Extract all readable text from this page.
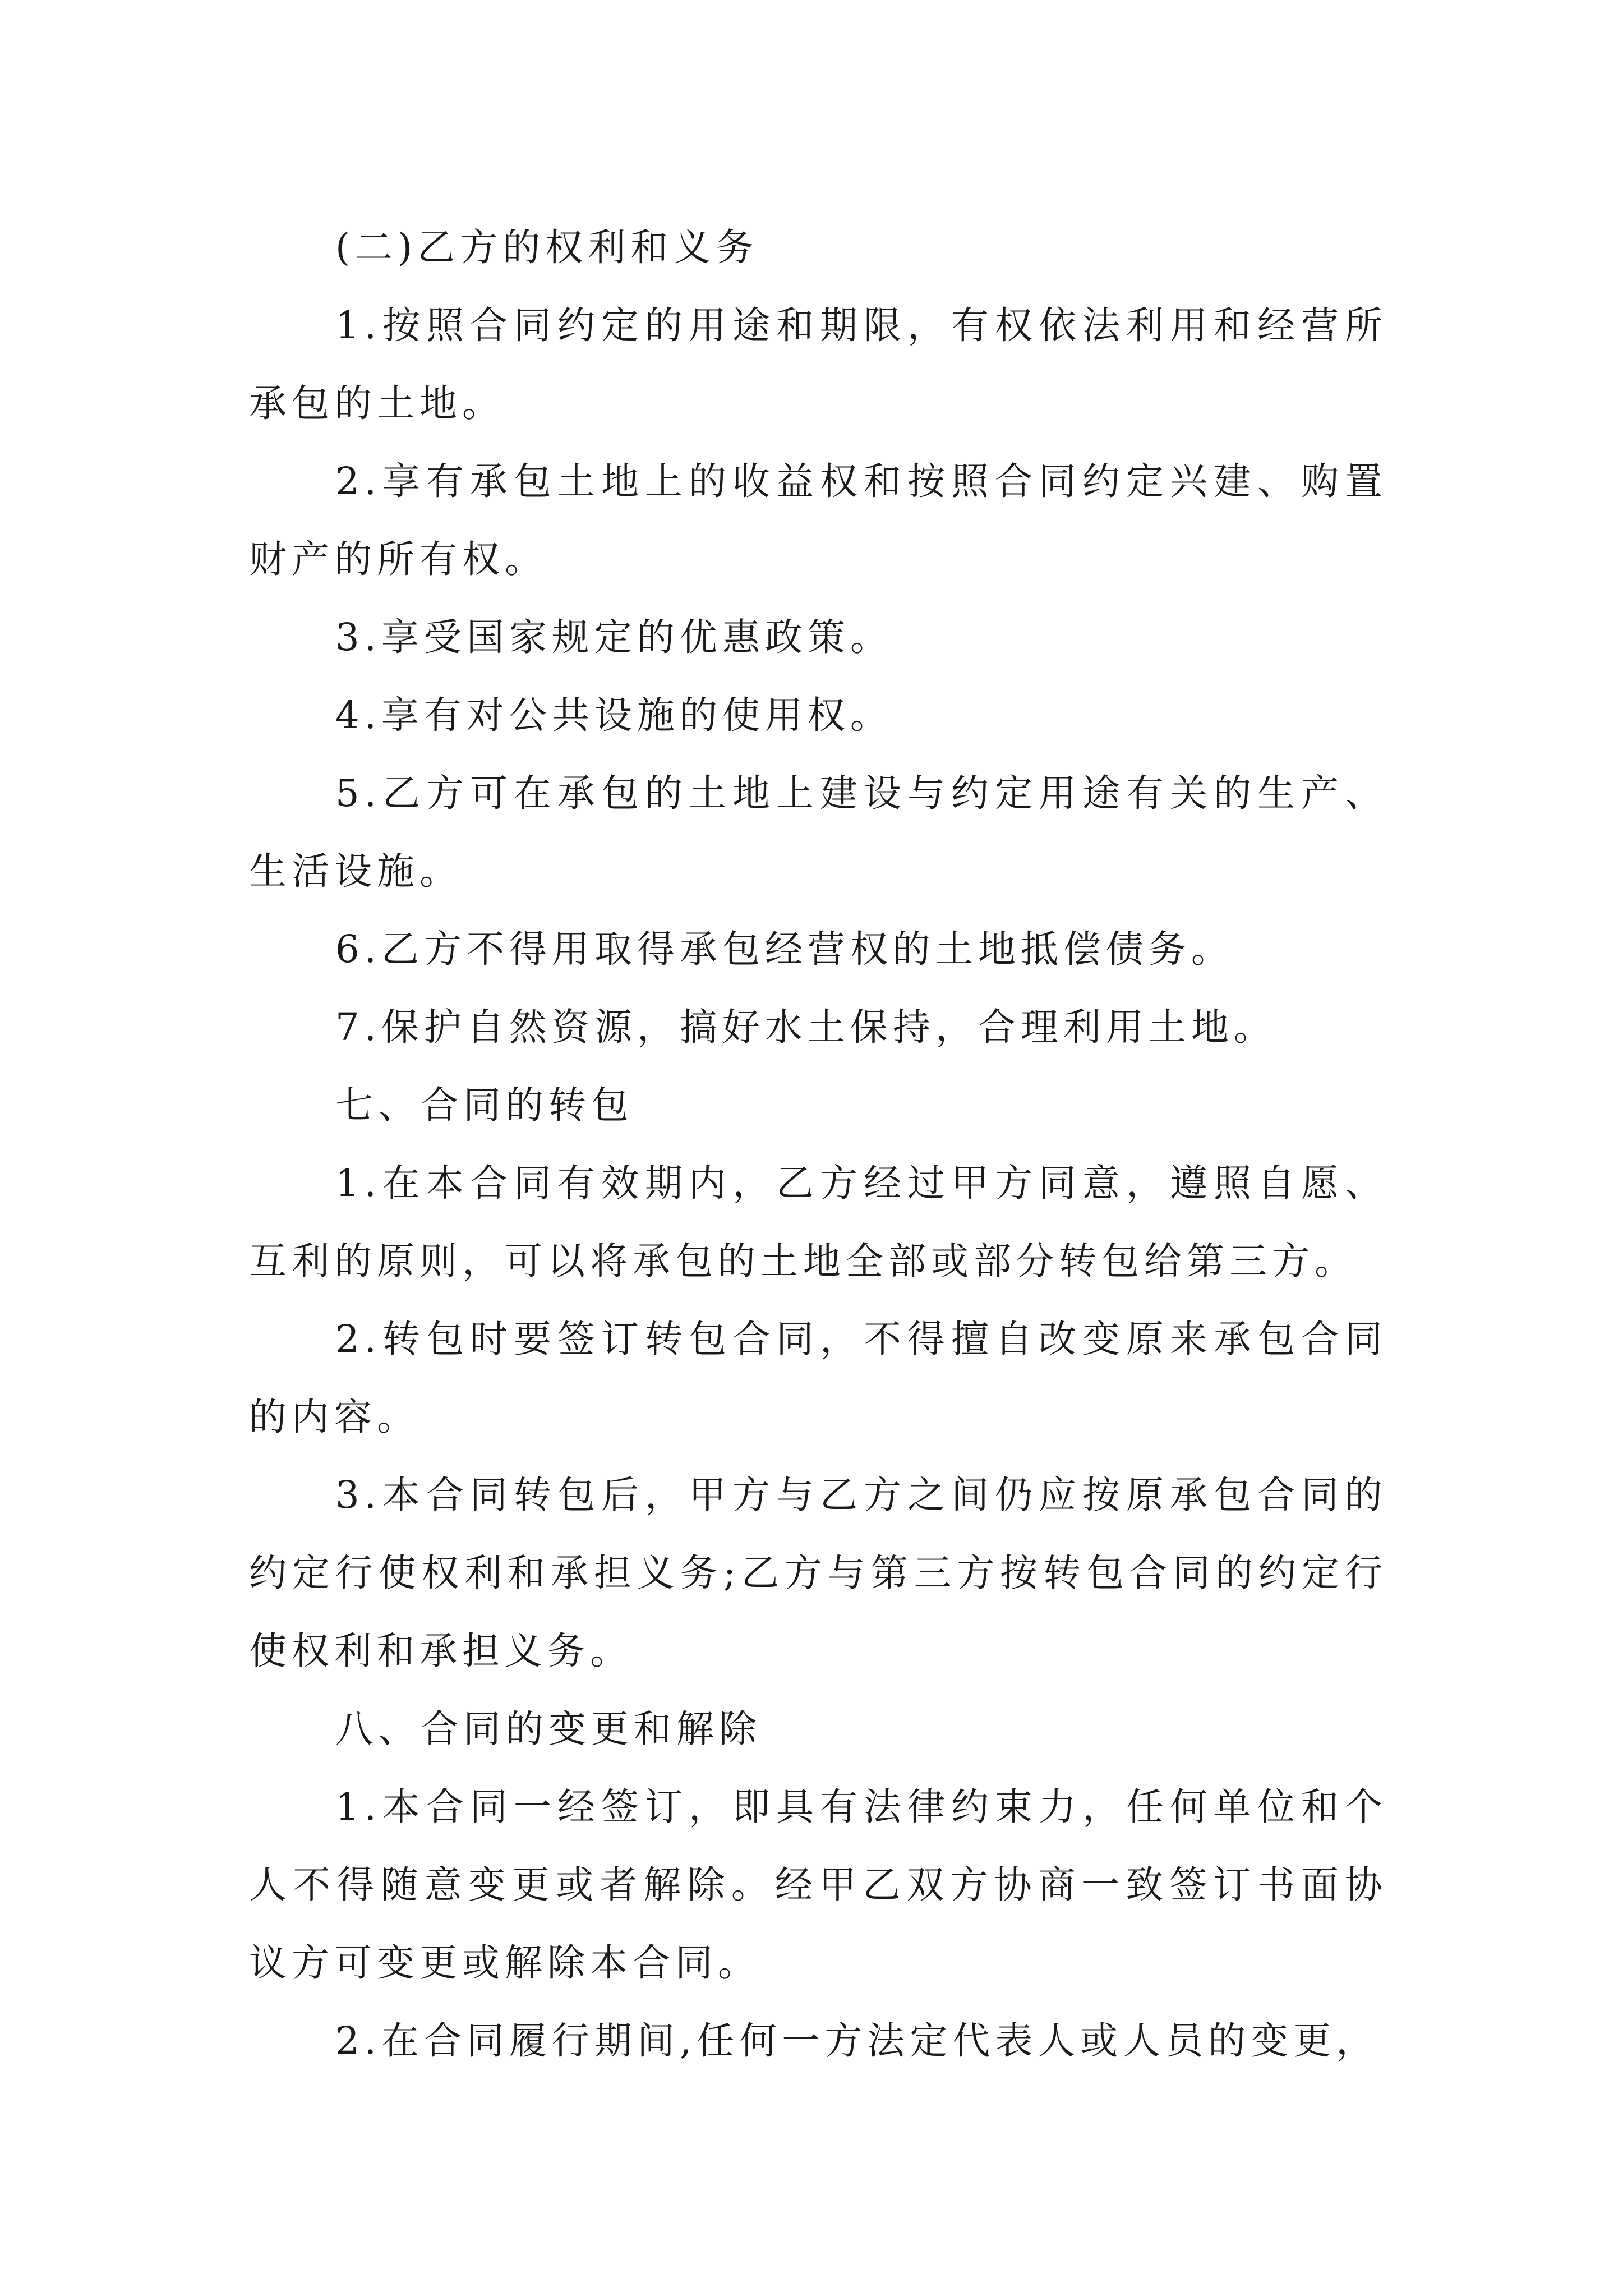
(二)乙方的权利和义务

1.按照合同约定的用途和期限，有权依法利用和经营所承包的土地。

2.享有承包土地上的收益权和按照合同约定兴建、购置财产的所有权。

3.享受国家规定的优惠政策。

4.享有对公共设施的使用权。

5.乙方可在承包的土地上建设与约定用途有关的生产、生活设施。

6.乙方不得用取得承包经营权的土地抵偿债务。

7.保护自然资源，搞好水土保持，合理利用土地。

七、合同的转包

1.在本合同有效期内，乙方经过甲方同意，遵照自愿、互利的原则，可以将承包的土地全部或部分转包给第三方。

2.转包时要签订转包合同，不得擅自改变原来承包合同的内容。

3.本合同转包后，甲方与乙方之间仍应按原承包合同的约定行使权利和承担义务;乙方与第三方按转包合同的约定行使权利和承担义务。

八、合同的变更和解除

1.本合同一经签订，即具有法律约束力，任何单位和个人不得随意变更或者解除。经甲乙双方协商一致签订书面协议方可变更或解除本合同。

2.在合同履行期间,任何一方法定代表人或人员的变更，
